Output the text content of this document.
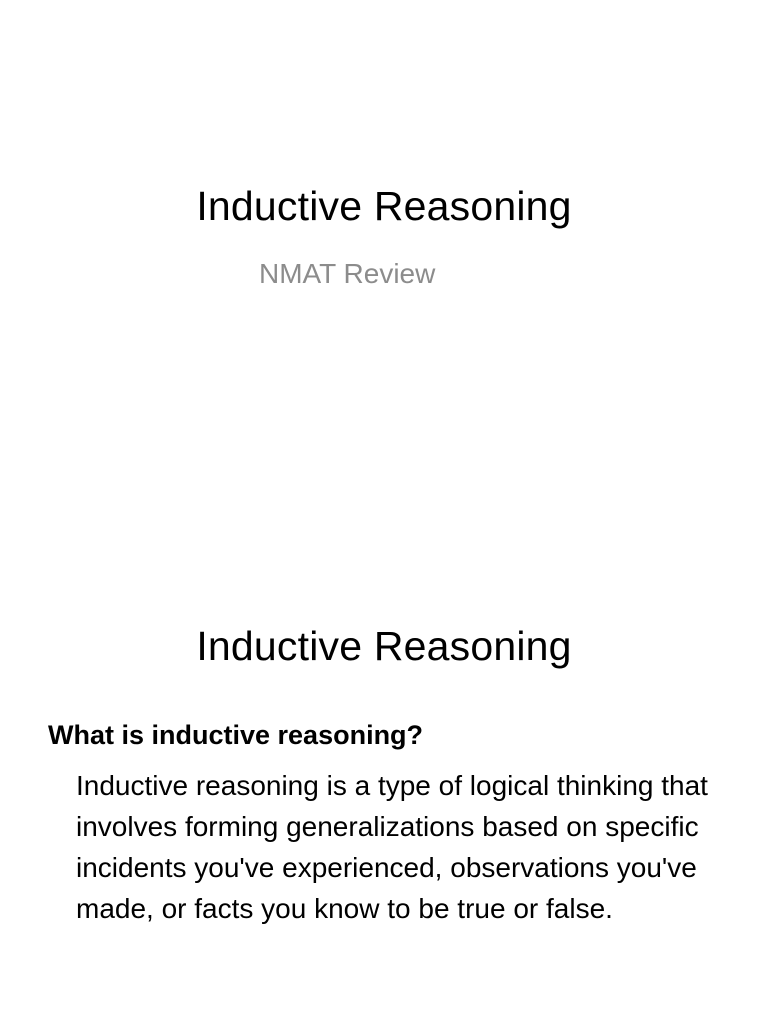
Inductive Reasoning

NMAT Review

Inductive Reasoning

What is inductive reasoning?

Inductive reasoning is a type of logical thinking that involves forming generalizations based on specific incidents you've experienced, observations you've made, or facts you know to be true or false.
